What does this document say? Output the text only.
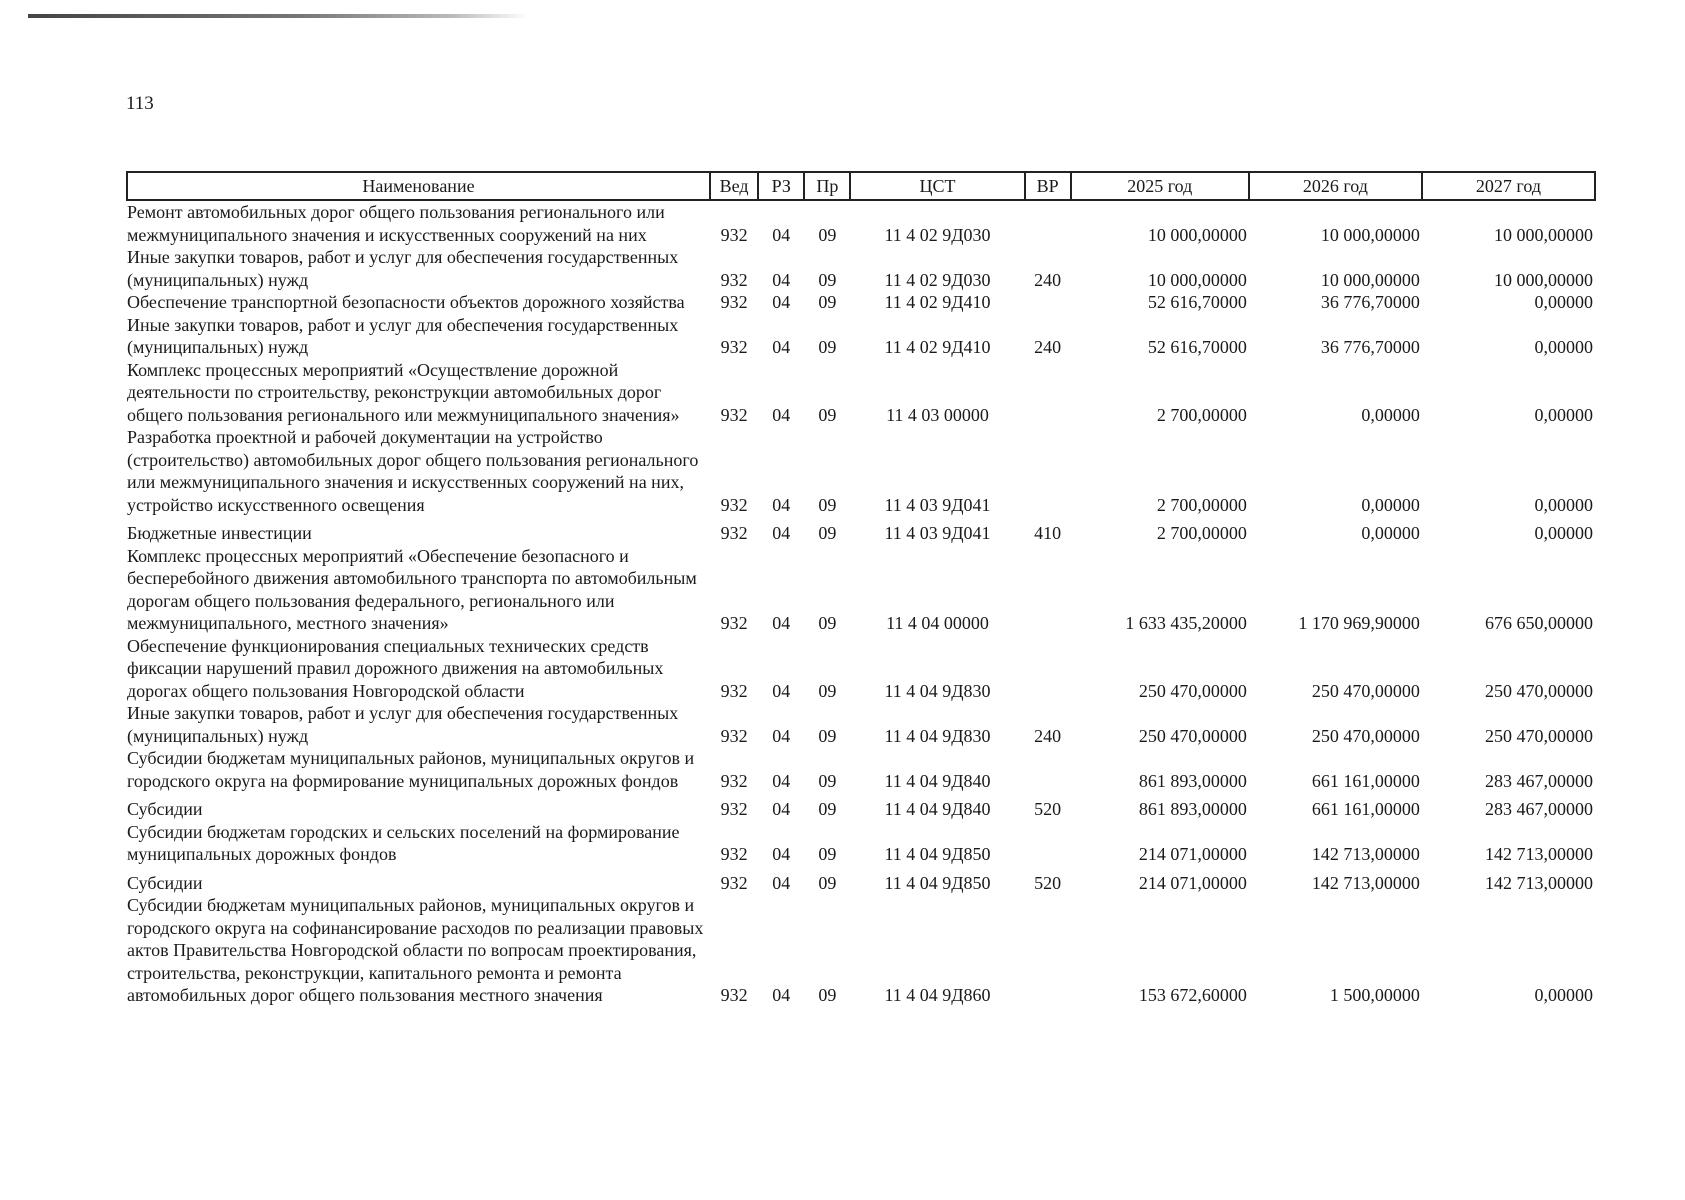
113
Наименование	Вед	РЗ	Пр	ЦСТ	ВР	2025 год	2026 год	2027 год
Ремонт автомобильных дорог общего пользования регионального или межмуниципального значения и искусственных сооружений на них	932	04	09	11 4 02 9Д030		10 000,00000	10 000,00000	10 000,00000
Иные закупки товаров, работ и услуг для обеспечения государственных (муниципальных) нужд	932	04	09	11 4 02 9Д030	240	10 000,00000	10 000,00000	10 000,00000
Обеспечение транспортной безопасности объектов дорожного хозяйства	932	04	09	11 4 02 9Д410		52 616,70000	36 776,70000	0,00000
Иные закупки товаров, работ и услуг для обеспечения государственных (муниципальных) нужд	932	04	09	11 4 02 9Д410	240	52 616,70000	36 776,70000	0,00000
Комплекс процессных мероприятий «Осуществление дорожной деятельности по строительству, реконструкции автомобильных дорог общего пользования регионального или межмуниципального значения»	932	04	09	11 4 03 00000		2 700,00000	0,00000	0,00000
Разработка проектной и рабочей документации на устройство (строительство) автомобильных дорог общего пользования регионального или межмуниципального значения и искусственных сооружений на них, устройство искусственного освещения	932	04	09	11 4 03 9Д041		2 700,00000	0,00000	0,00000
Бюджетные инвестиции	932	04	09	11 4 03 9Д041	410	2 700,00000	0,00000	0,00000
Комплекс процессных мероприятий «Обеспечение безопасного и бесперебойного движения автомобильного транспорта по автомобильным дорогам общего пользования федерального, регионального или межмуниципального, местного значения»	932	04	09	11 4 04 00000		1 633 435,20000	1 170 969,90000	676 650,00000
Обеспечение функционирования специальных технических средств фиксации нарушений правил дорожного движения на автомобильных дорогах общего пользования Новгородской области	932	04	09	11 4 04 9Д830		250 470,00000	250 470,00000	250 470,00000
Иные закупки товаров, работ и услуг для обеспечения государственных (муниципальных) нужд	932	04	09	11 4 04 9Д830	240	250 470,00000	250 470,00000	250 470,00000
Субсидии бюджетам муниципальных районов, муниципальных округов и городского округа на формирование муниципальных дорожных фондов	932	04	09	11 4 04 9Д840		861 893,00000	661 161,00000	283 467,00000
Субсидии	932	04	09	11 4 04 9Д840	520	861 893,00000	661 161,00000	283 467,00000
Субсидии бюджетам городских и сельских поселений на формирование муниципальных дорожных фондов	932	04	09	11 4 04 9Д850		214 071,00000	142 713,00000	142 713,00000
Субсидии	932	04	09	11 4 04 9Д850	520	214 071,00000	142 713,00000	142 713,00000
Субсидии бюджетам муниципальных районов, муниципальных округов и городского округа на софинансирование расходов по реализации правовых актов Правительства Новгородской области по вопросам проектирования, строительства, реконструкции, капитального ремонта и ремонта автомобильных дорог общего пользования местного значения	932	04	09	11 4 04 9Д860		153 672,60000	1 500,00000	0,00000
